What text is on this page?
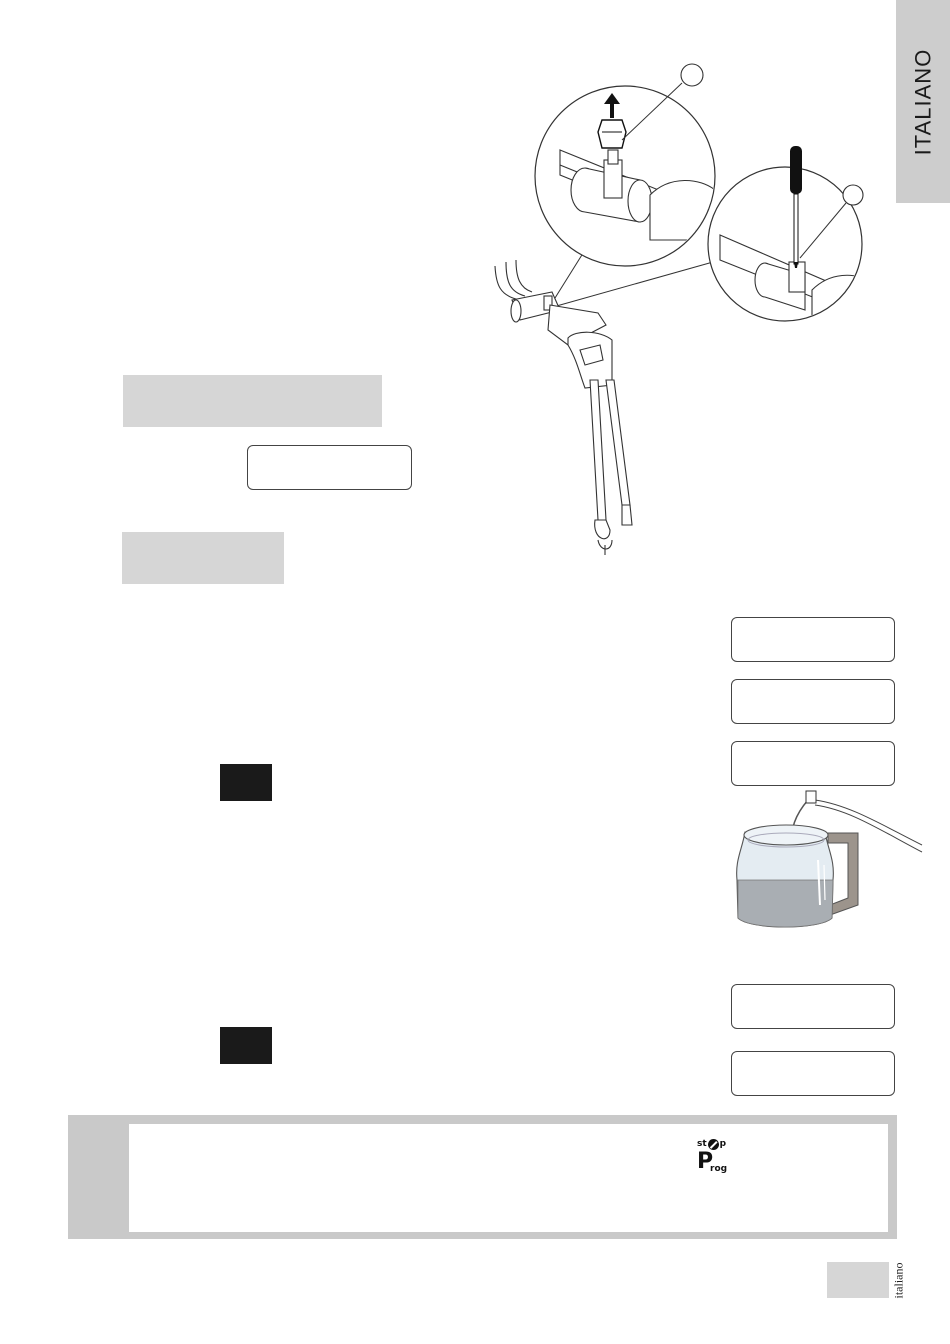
ITALIANO
st p
P
rog
italiano
